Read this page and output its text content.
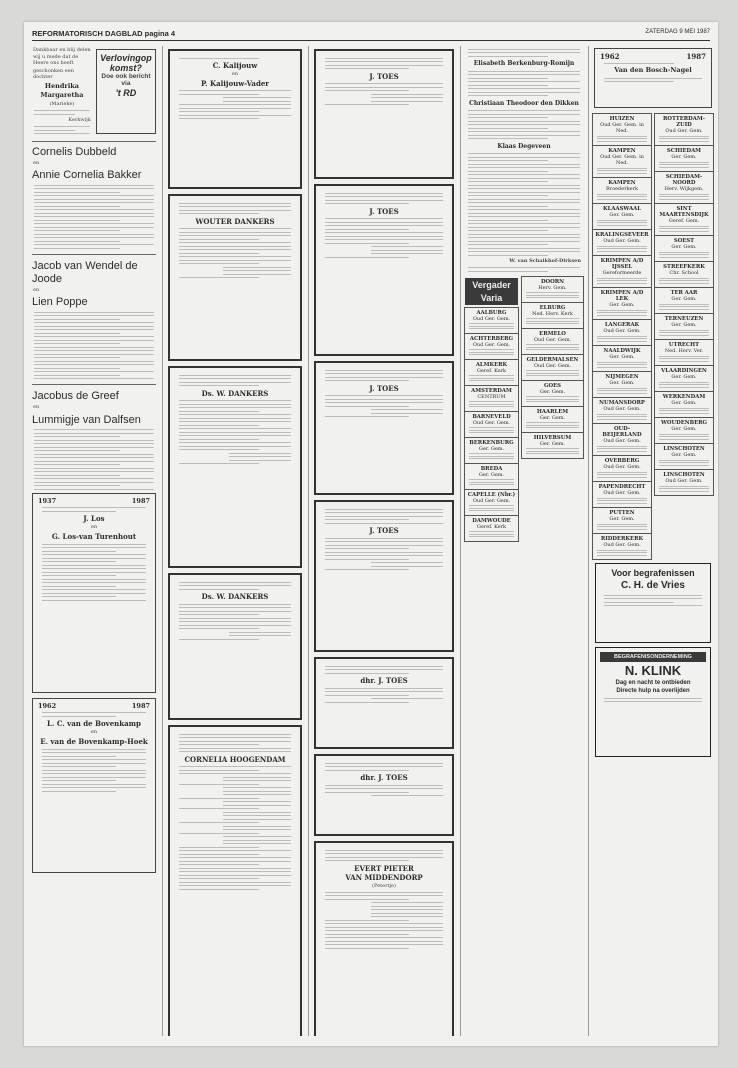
REFORMATORISCH DAGBLAD pagina 4	ZATERDAG 9 MEI 1987
Dankbaar en blij delen wij u mede dat de Heere ons heeft
geschonken een dochter
Hendrika Margaretha
(Marieke)
Kerkwijk
Verlovingop komst?
Doe ook bericht via
't RD
Cornelis Dubbeld
en
Annie Cornelia Bakker
Jacob van Wendel de Joode
en
Lien Poppe
Jacobus de Greef
en
Lummigje van Dalfsen
1937	1987
J. Los
en
G. Los-van Turenhout
1962	1987
L. C. van de Bovenkamp
en
E. van de Bovenkamp-Hoek
C. Kalijouw
en
P. Kalijouw-Vader
WOUTER DANKERS
Ds. W. DANKERS
Ds. W. DANKERS
CORNELIA HOOGENDAM
J. TOES
J. TOES
J. TOES
J. TOES
dhr. J. TOES
dhr. J. TOES
EVERT PIETER
VAN MIDDENDORP
(Petertje)
Elisabeth Berkenburg-Romijn
Christiaan Theodoor den Dikken
Klaas Degeveen
W. van Schaikhof-Dirksen
Vergader Varia
AALBURG
Oud Ger. Gem.
ACHTERBERG
Oud Ger. Gem.
ALMKERK
Geref. Kerk
AMSTERDAM
CENTRUM
BARNEVELD
Oud Ger. Gem.
BERKENBURG
Ger. Gem.
BREDA
Ger. Gem.
CAPELLE (Nbr.)
Oud Ger. Gem.
DAMWOUDE
Geref. Kerk
DOORN
Herv. Gem.
ELBURG
Ned. Herv. Kerk
ERMELO
Oud Ger. Gem.
GELDERMALSEN
Oud Ger. Gem.
GOES
Ger. Gem.
HAARLEM
Ger. Gem.
HILVERSUM
Ger. Gem.
1962	1987
Van den Bosch-Nagel
HUIZEN
Oud Ger. Gem. in Ned.
KAMPEN
Oud Ger. Gem. in Ned.
KAMPEN
Broederkerk
KLAASWAAL
Ger. Gem.
KRALINGSEVEER
Oud Ger. Gem.
KRIMPEN A/D IJSSEL
Gereformeerde
KRIMPEN A/D LEK
Ger. Gem.
LANGERAK
Oud Ger. Gem.
NAALDWIJK
Ger. Gem.
NIJMEGEN
Ger. Gem.
NUMANSDORP
Oud Ger. Gem.
OUD-BEIJERLAND
Oud Ger. Gem.
OVERBERG
Oud Ger. Gem.
PAPENDRECHT
Oud Ger. Gem.
PUTTEN
Ger. Gem.
RIDDERKERK
Oud Ger. Gem.
ROTTERDAM-ZUID
Oud Ger. Gem.
SCHIEDAM
Ger. Gem.
SCHIEDAM-NOORD
Herv. Wijkgem.
SINT MAARTENSDIJK
Geref. Gem.
SOEST
Ger. Gem.
STREEFKERK
Chr. School
TER AAR
Ger. Gem.
TERNEUZEN
Ger. Gem.
UTRECHT
Ned. Herv. Ver.
VLAARDINGEN
Ger. Gem.
WERKENDAM
Ger. Gem.
WOUDENBERG
Ger. Gem.
LINSCHOTEN
Ger. Gem.
LINSCHOTEN
Oud Ger. Gem.
Voor begrafenissen
C. H. de Vries
BEGRAFENISONDERNEMING
N. KLINK
Dag en nacht te ontbieden
Directe hulp na overlijden
